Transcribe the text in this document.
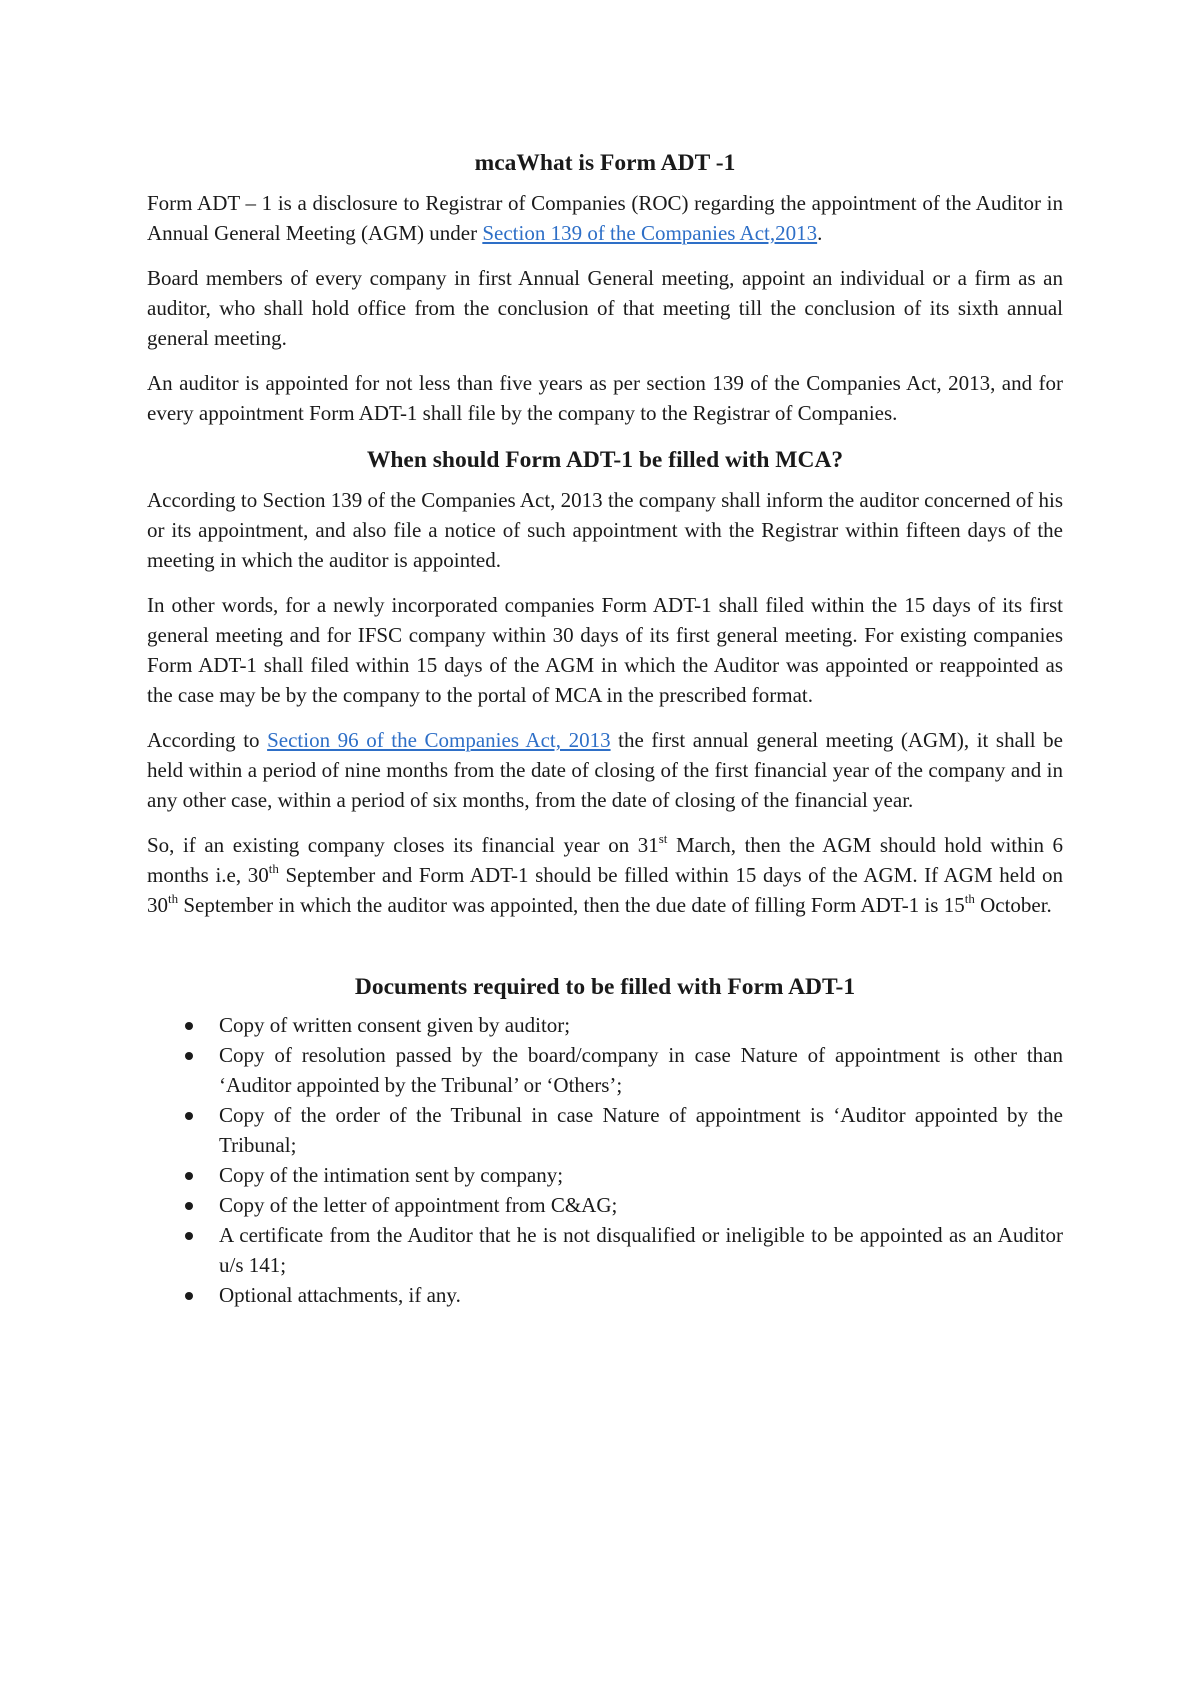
mcaWhat is Form ADT -1

Form ADT – 1 is a disclosure to Registrar of Companies (ROC) regarding the appointment of the Auditor in Annual General Meeting (AGM) under Section 139 of the Companies Act,2013.

Board members of every company in first Annual General meeting, appoint an individual or a firm as an auditor, who shall hold office from the conclusion of that meeting till the conclusion of its sixth annual general meeting.

An auditor is appointed for not less than five years as per section 139 of the Companies Act, 2013, and for every appointment Form ADT-1 shall file by the company to the Registrar of Companies.

When should Form ADT-1 be filled with MCA?

According to Section 139 of the Companies Act, 2013 the company shall inform the auditor concerned of his or its appointment, and also file a notice of such appointment with the Registrar within fifteen days of the meeting in which the auditor is appointed.

In other words, for a newly incorporated companies Form ADT-1 shall filed within the 15 days of its first general meeting and for IFSC company within 30 days of its first general meeting. For existing companies Form ADT-1 shall filed within 15 days of the AGM in which the Auditor was appointed or reappointed as the case may be by the company to the portal of MCA in the prescribed format.

According to Section 96 of the Companies Act, 2013 the first annual general meeting (AGM), it shall be held within a period of nine months from the date of closing of the first financial year of the company and in any other case, within a period of six months, from the date of closing of the financial year.

So, if an existing company closes its financial year on 31st March, then the AGM should hold within 6 months i.e, 30th September and Form ADT-1 should be filled within 15 days of the AGM. If AGM held on 30th September in which the auditor was appointed, then the due date of filling Form ADT-1 is 15th October.

Documents required to be filled with Form ADT-1
Copy of written consent given by auditor;
Copy of resolution passed by the board/company in case Nature of appointment is other than ‘Auditor appointed by the Tribunal’ or ‘Others’;
Copy of the order of the Tribunal in case Nature of appointment is ‘Auditor appointed by the Tribunal;
Copy of the intimation sent by company;
Copy of the letter of appointment from C&AG;
A certificate from the Auditor that he is not disqualified or ineligible to be appointed as an Auditor u/s 141;
Optional attachments, if any.
